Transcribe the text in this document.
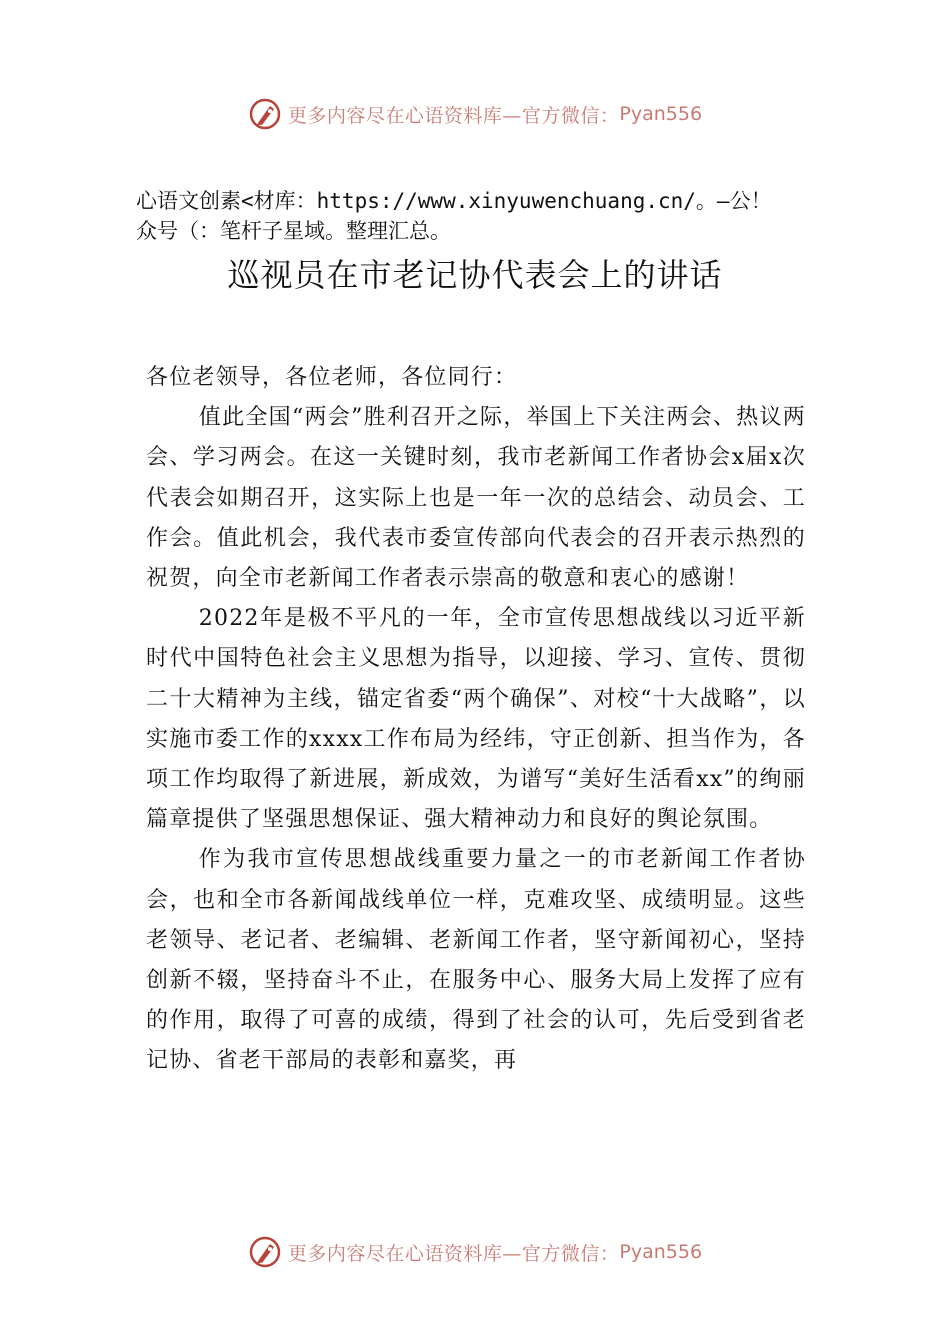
更多内容尽在心语资料库—官方微信： Pyan556
心语文创素<材库：https://www.xinyuwenchuang.cn/。—公！
众号（：笔杆子星域。整理汇总。
巡视员在市老记协代表会上的讲话

各位老领导，各位老师，各位同行：

值此全国“两会”胜利召开之际，举国上下关注两会、热议两会、学习两会。在这一关键时刻，我市老新闻工作者协会x届x次代表会如期召开，这实际上也是一年一次的总结会、动员会、工作会。值此机会，我代表市委宣传部向代表会的召开表示热烈的祝贺，向全市老新闻工作者表示崇高的敬意和衷心的感谢！

2022年是极不平凡的一年，全市宣传思想战线以习近平新时代中国特色社会主义思想为指导，以迎接、学习、宣传、贯彻二十大精神为主线，锚定省委“两个确保”、对校“十大战略”，以实施市委工作的xxxx工作布局为经纬，守正创新、担当作为，各项工作均取得了新进展，新成效，为谱写“美好生活看xx”的绚丽篇章提供了坚强思想保证、强大精神动力和良好的舆论氛围。

作为我市宣传思想战线重要力量之一的市老新闻工作者协会，也和全市各新闻战线单位一样，克难攻坚、成绩明显。这些老领导、老记者、老编辑、老新闻工作者，坚守新闻初心，坚持创新不辍，坚持奋斗不止，在服务中心、服务大局上发挥了应有的作用，取得了可喜的成绩，得到了社会的认可，先后受到省老记协、省老干部局的表彰和嘉奖，再

更多内容尽在心语资料库—官方微信： Pyan556
